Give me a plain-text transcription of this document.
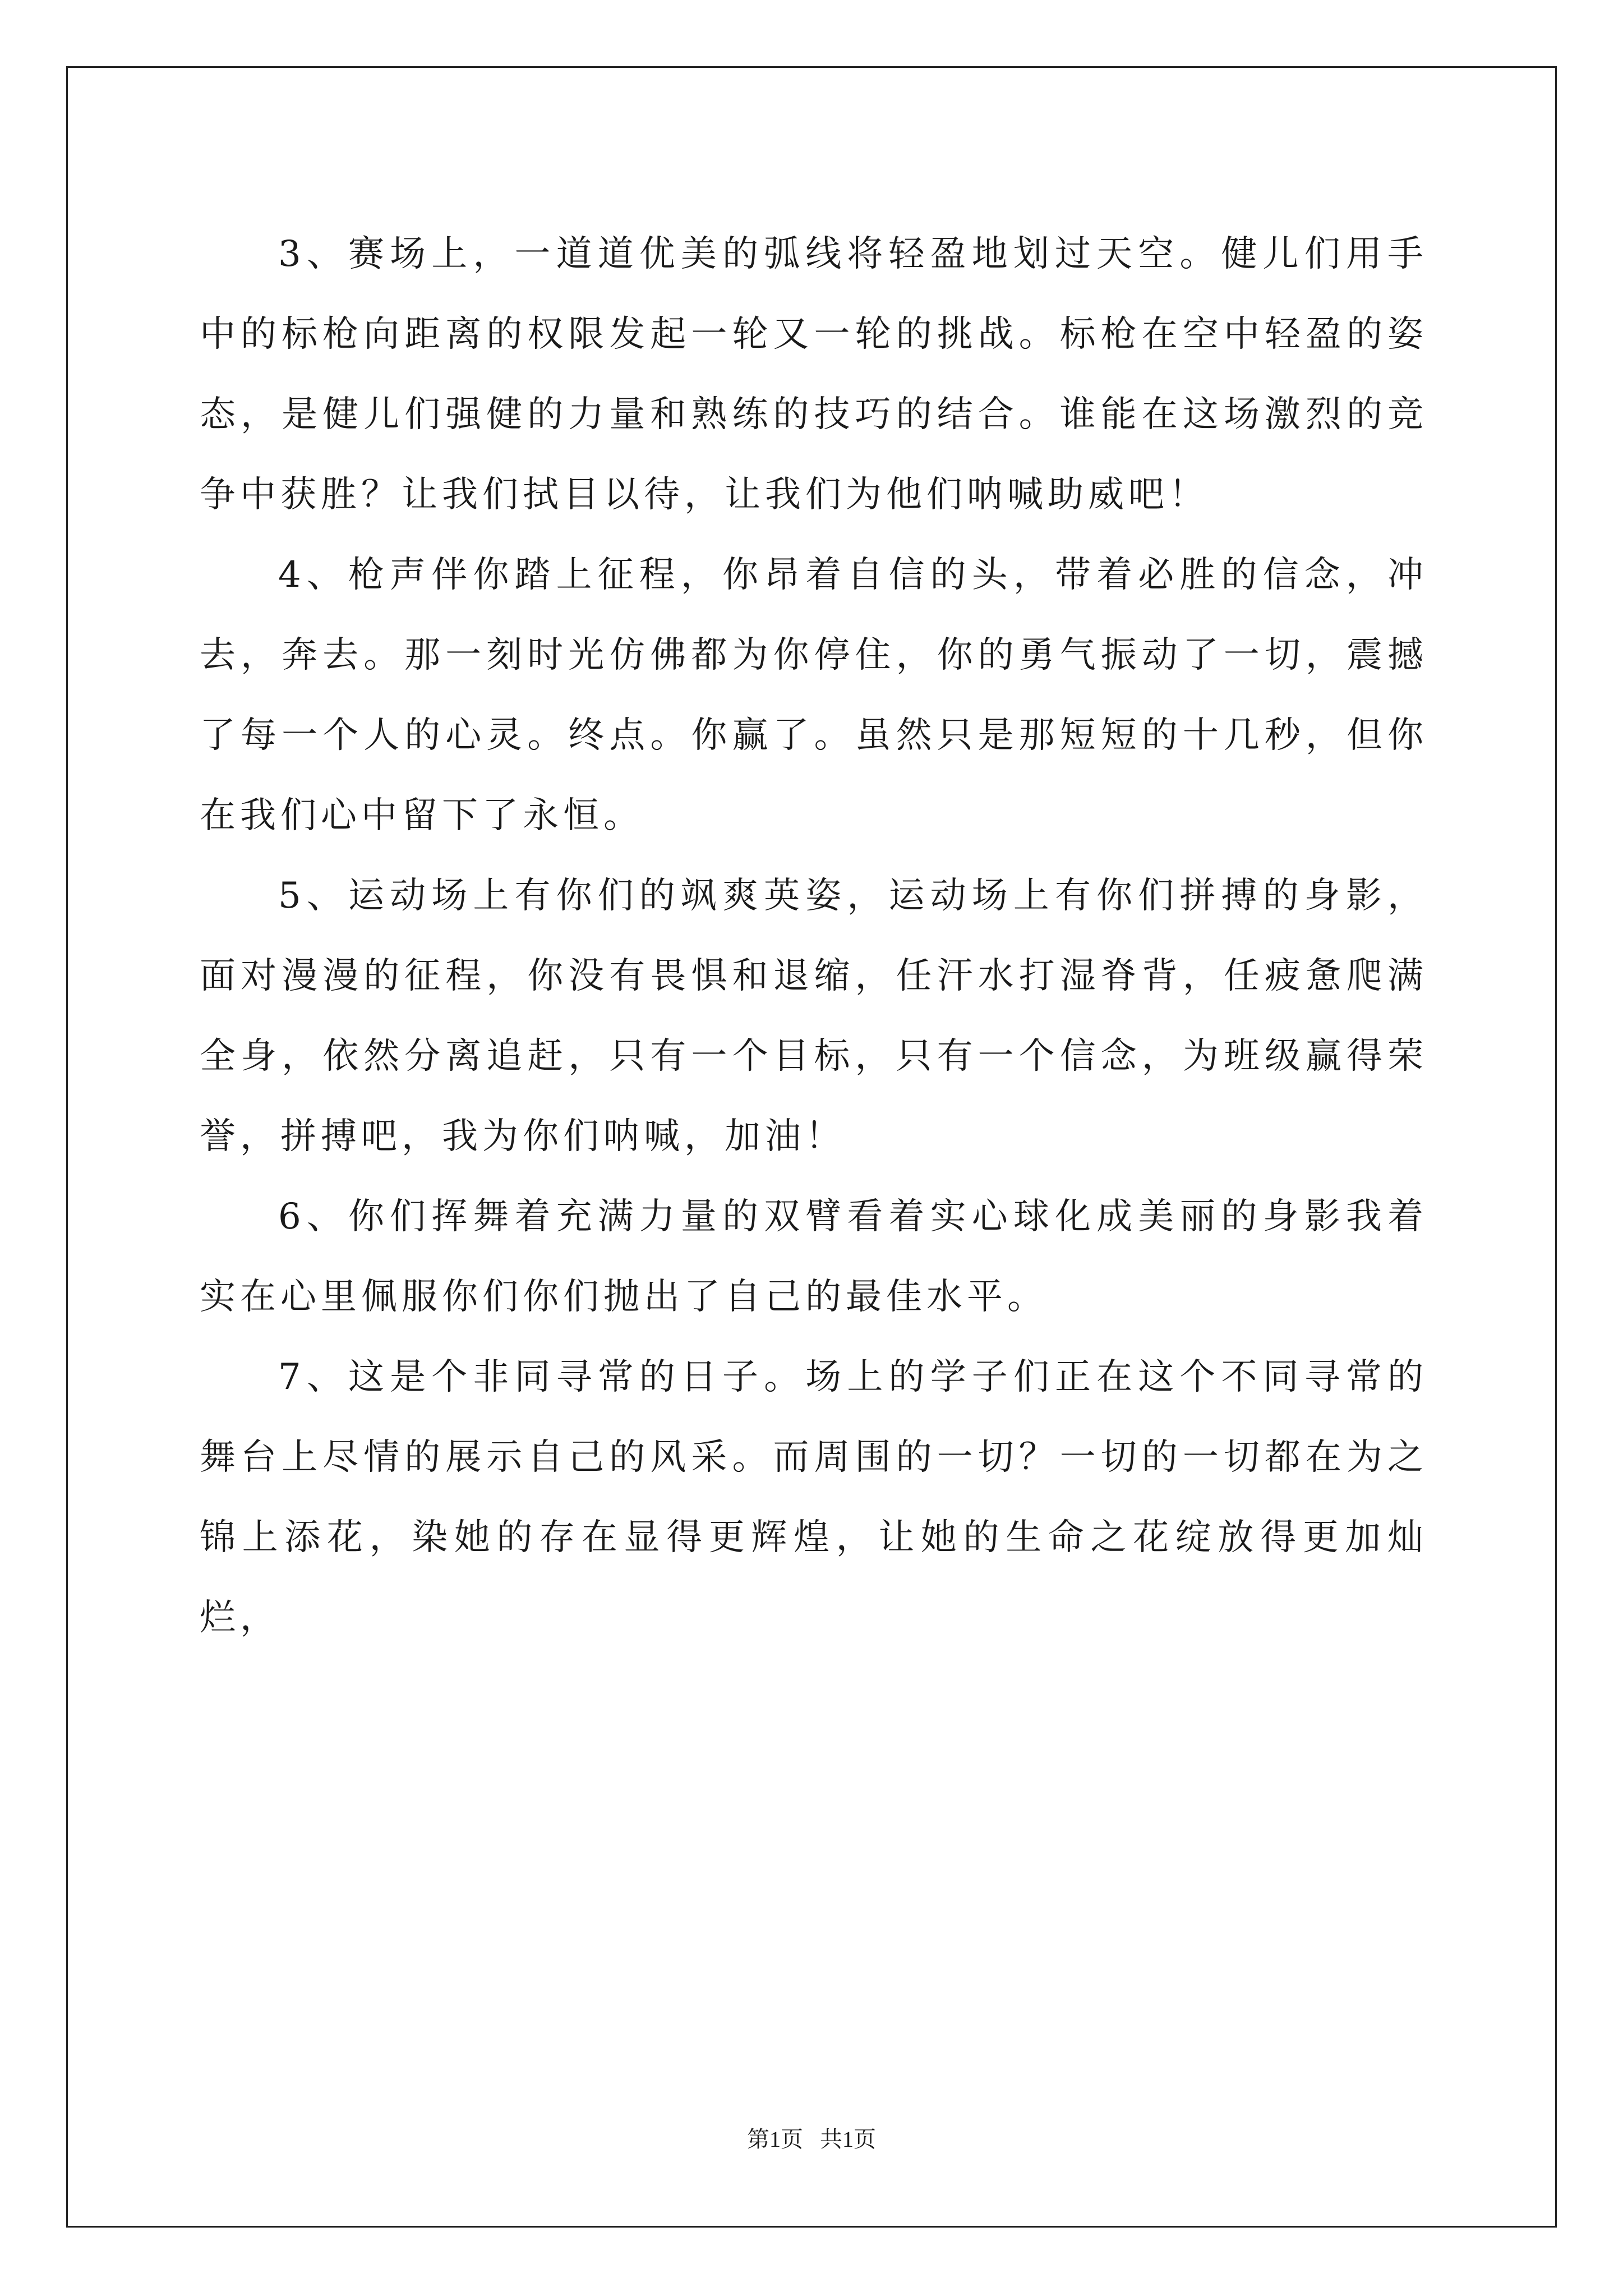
3、赛场上，一道道优美的弧线将轻盈地划过天空。健儿们用手中的标枪向距离的权限发起一轮又一轮的挑战。标枪在空中轻盈的姿态，是健儿们强健的力量和熟练的技巧的结合。谁能在这场激烈的竞争中获胜？让我们拭目以待，让我们为他们呐喊助威吧！

4、枪声伴你踏上征程，你昂着自信的头，带着必胜的信念，冲去，奔去。那一刻时光仿佛都为你停住，你的勇气振动了一切，震撼了每一个人的心灵。终点。你赢了。虽然只是那短短的十几秒，但你在我们心中留下了永恒。

5、运动场上有你们的飒爽英姿，运动场上有你们拼搏的身影，面对漫漫的征程，你没有畏惧和退缩，任汗水打湿脊背，任疲惫爬满全身，依然分离追赶，只有一个目标，只有一个信念，为班级赢得荣誉，拼搏吧，我为你们呐喊，加油！

6、你们挥舞着充满力量的双臂看着实心球化成美丽的身影我着实在心里佩服你们你们抛出了自己的最佳水平。

7、这是个非同寻常的日子。场上的学子们正在这个不同寻常的舞台上尽情的展示自己的风采。而周围的一切？一切的一切都在为之锦上添花，染她的存在显得更辉煌，让她的生命之花绽放得更加灿烂，

第1页   共1页
